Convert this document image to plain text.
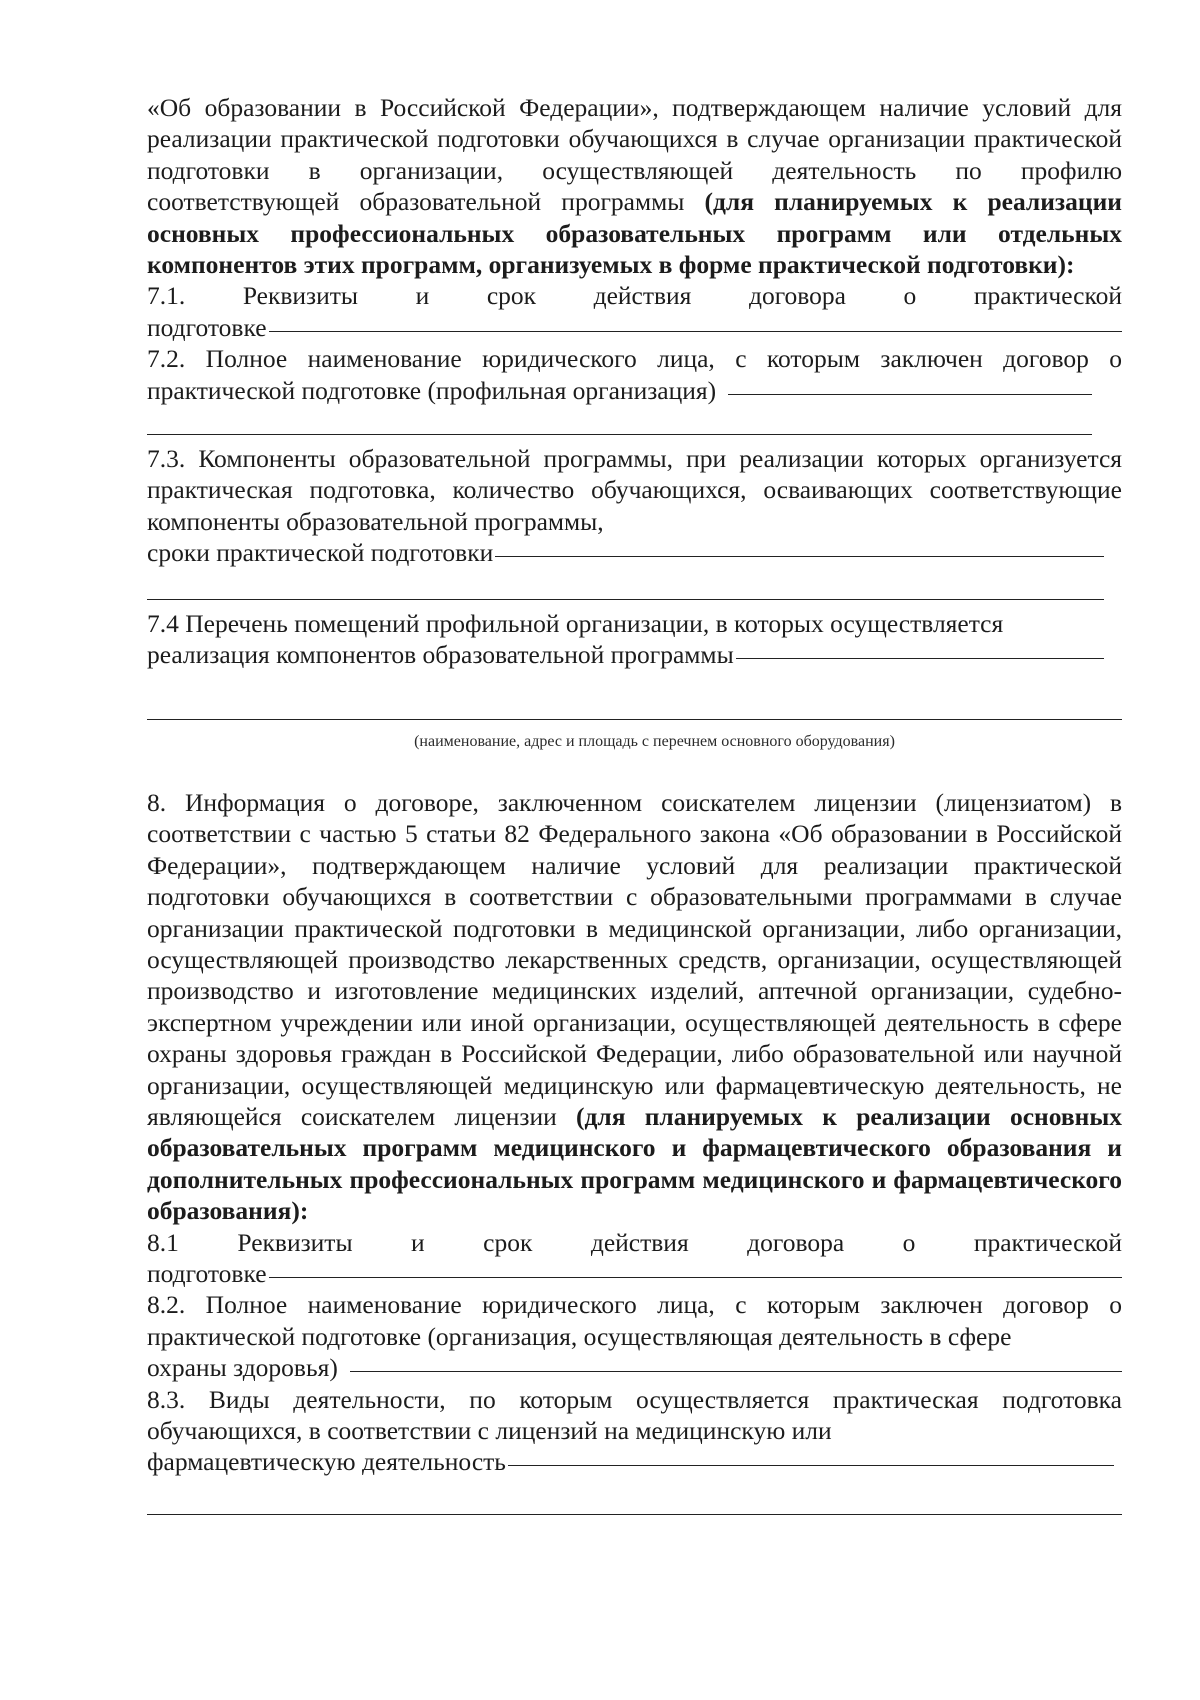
«Об образовании в Российской Федерации», подтверждающем наличие условий для реализации практической подготовки обучающихся в случае организации практической подготовки в организации, осуществляющей деятельность по профилю соответствующей образовательной программы (для планируемых к реализации основных профессиональных образовательных программ или отдельных компонентов этих программ, организуемых в форме практической подготовки):

7.1. Реквизиты и срок действия договора о практической

подготовке

7.2. Полное наименование юридического лица, с которым заключен договор о

практической подготовке (профильная организация)

7.3. Компоненты образовательной программы, при реализации которых организуется практическая подготовка, количество обучающихся, осваивающих соответствующие компоненты образовательной программы,

сроки практической подготовки

7.4 Перечень помещений профильной организации, в которых осуществляется

реализация компонентов образовательной программы
(наименование, адрес и площадь с перечнем основного оборудования)

8. Информация о договоре, заключенном соискателем лицензии (лицензиатом) в соответствии с частью 5 статьи 82 Федерального закона «Об образовании в Российской Федерации», подтверждающем наличие условий для реализации практической подготовки обучающихся в соответствии с образовательными программами в случае организации практической подготовки в медицинской организации, либо организации, осуществляющей производство лекарственных средств, организации, осуществляющей производство и изготовление медицинских изделий, аптечной организации, судебно-экспертном учреждении или иной организации, осуществляющей деятельность в сфере охраны здоровья граждан в Российской Федерации, либо образовательной или научной организации, осуществляющей медицинскую или фармацевтическую деятельность, не являющейся соискателем лицензии (для планируемых к реализации основных образовательных программ медицинского и фармацевтического образования и дополнительных профессиональных программ медицинского и фармацевтического образования):

8.1 Реквизиты и срок действия договора о практической

подготовке

8.2. Полное наименование юридического лица, с которым заключен договор о практической подготовке (организация, осуществляющая деятельность в сфере

охраны здоровья)

8.3. Виды деятельности, по которым осуществляется практическая подготовка обучающихся, в соответствии с лицензий на медицинскую или

фармацевтическую деятельность
